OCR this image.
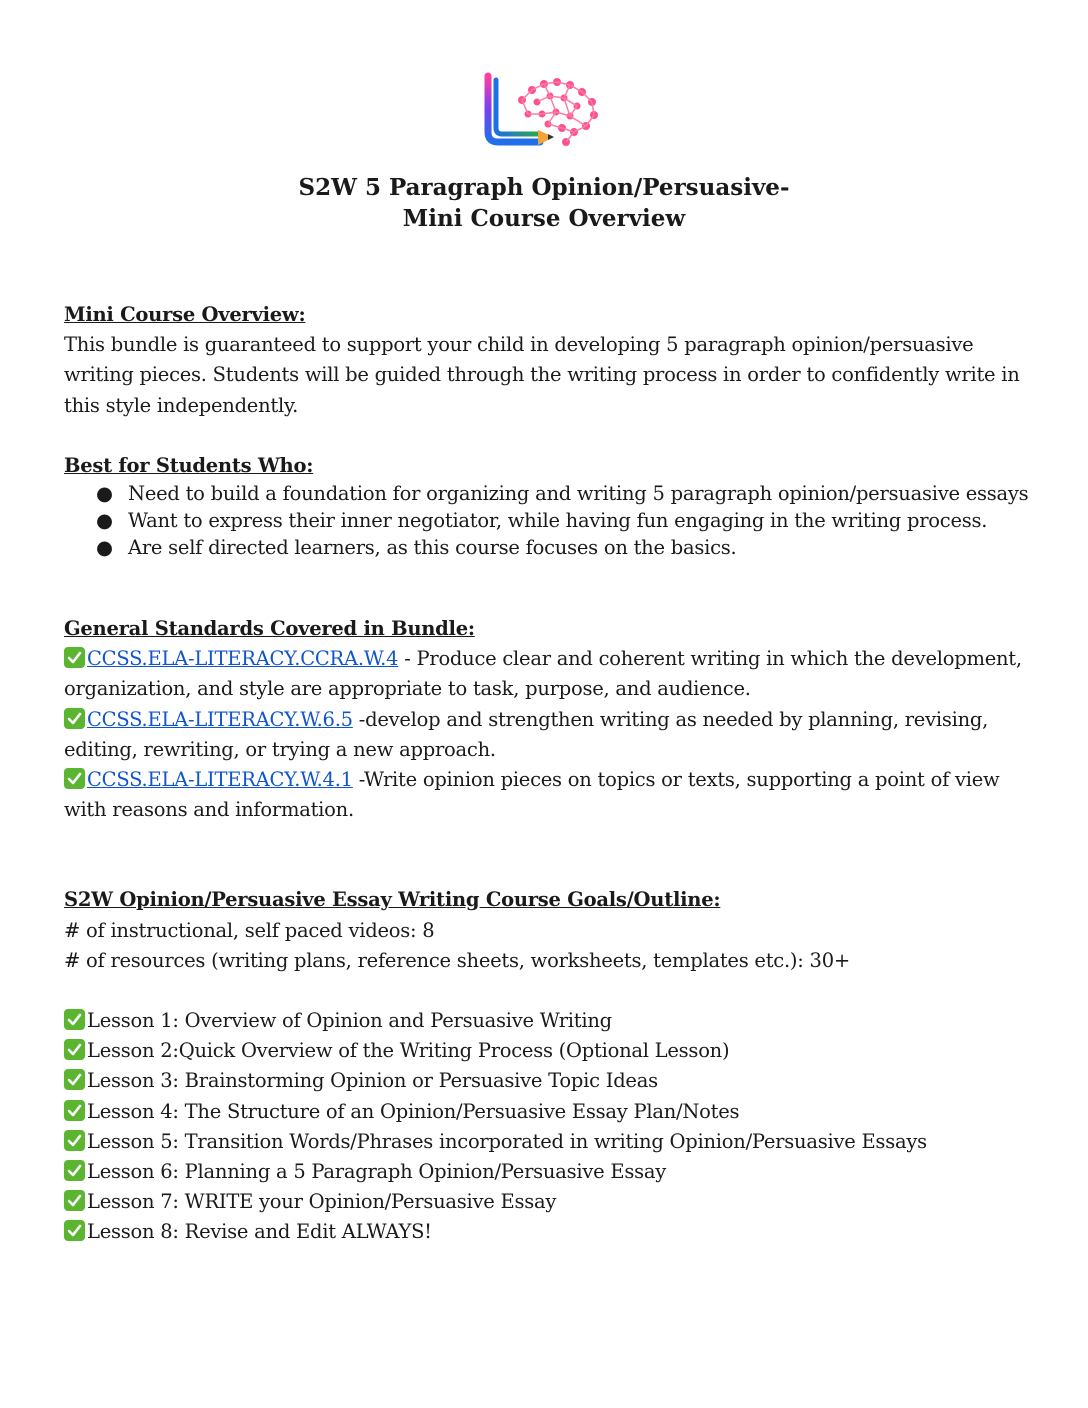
S2W 5 Paragraph Opinion/Persuasive-
Mini Course Overview
Mini Course Overview:

This bundle is guaranteed to support your child in developing 5 paragraph opinion/persuasive writing pieces. Students will be guided through the writing process in order to confidently write in this style independently.

Best for Students Who:
● Need to build a foundation for organizing and writing 5 paragraph opinion/persuasive essays
● Want to express their inner negotiator, while having fun engaging in the writing process.
● Are self directed learners, as this course focuses on the basics.
General Standards Covered in Bundle:

CCSS.ELA-LITERACY.CCRA.W.4 - Produce clear and coherent writing in which the development, organization, and style are appropriate to task, purpose, and audience.

CCSS.ELA-LITERACY.W.6.5 -develop and strengthen writing as needed by planning, revising, editing, rewriting, or trying a new approach.

CCSS.ELA-LITERACY.W.4.1 -Write opinion pieces on topics or texts, supporting a point of view with reasons and information.

S2W Opinion/Persuasive Essay Writing Course Goals/Outline:

# of instructional, self paced videos: 8

# of resources (writing plans, reference sheets, worksheets, templates etc.): 30+

Lesson 1: Overview of Opinion and Persuasive Writing

Lesson 2:Quick Overview of the Writing Process (Optional Lesson)

Lesson 3: Brainstorming Opinion or Persuasive Topic Ideas

Lesson 4: The Structure of an Opinion/Persuasive Essay Plan/Notes

Lesson 5: Transition Words/Phrases incorporated in writing Opinion/Persuasive Essays

Lesson 6: Planning a 5 Paragraph Opinion/Persuasive Essay

Lesson 7: WRITE your Opinion/Persuasive Essay

Lesson 8: Revise and Edit ALWAYS!
